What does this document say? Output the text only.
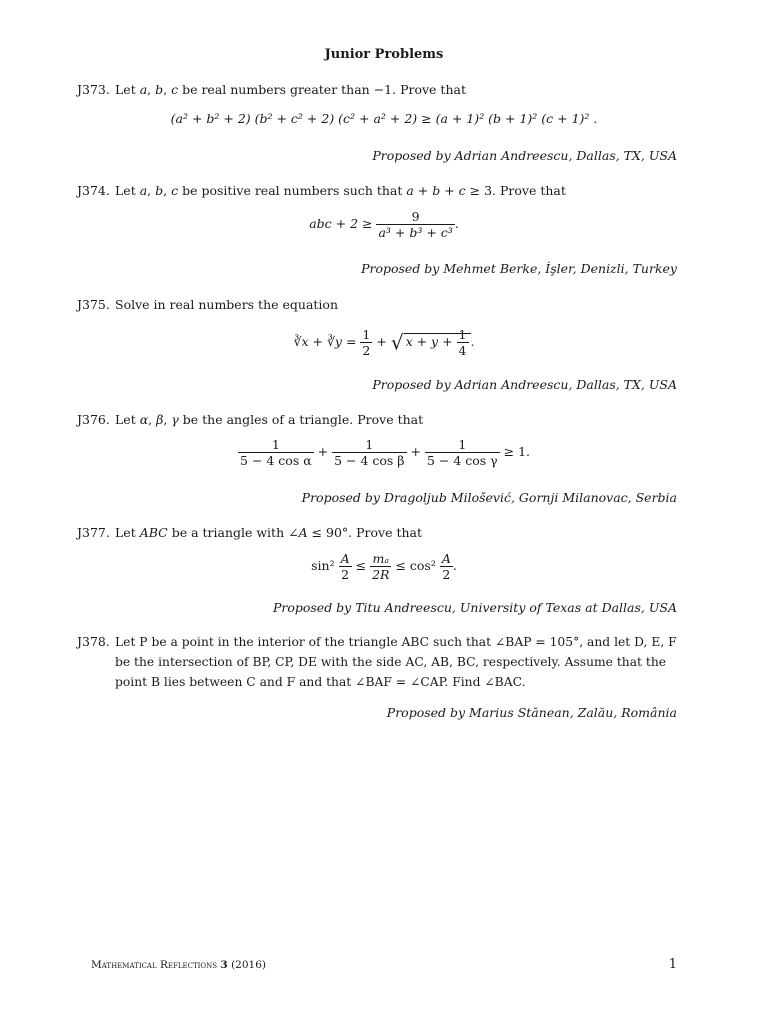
Junior Problems
J373. Let a, b, c be real numbers greater than −1. Prove that
(a² + b² + 2) (b² + c² + 2) (c² + a² + 2) ≥ (a + 1)² (b + 1)² (c + 1)² .
Proposed by Adrian Andreescu, Dallas, TX, USA
J374. Let a, b, c be positive real numbers such that a + b + c ≥ 3. Prove that
abc + $2 \ge \frac{9}{\text{a³ + b³ + c³}}$ .
Proposed by Mehmet Berke, İşler, Denizli, Turkey
J375. Solve in real numbers the equation
∛x + ∛y = $\frac{1}{2}$ + √ $x + y + \frac{1}{4}$ .
Proposed by Adrian Andreescu, Dallas, TX, USA
J376. Let α, β, γ be the angles of a triangle. Prove that
$\frac{1}{\text{5 − 4 cos α}} + \frac{1}{\text{5 − 4 cos β}} + \frac{1}{\text{5 − 4 cos γ}} \ge 1$.
Proposed by Dragoljub Milošević, Gornji Milanovac, Serbia
J377. Let ABC be a triangle with ∠A ≤ 90°. Prove that
$\sin^2 \frac{A}{2} \le \frac{\text{mₐ}}{2R} \le \cos^2 \frac{A}{2}$ .
Proposed by Titu Andreescu, University of Texas at Dallas, USA
J378. Let P be a point in the interior of the triangle ABC such that ∠BAP = 105°, and let D, E, F be the intersection of BP, CP, DE with the side AC, AB, BC, respectively. Assume that the point B lies between C and F and that ∠BAF = ∠CAP. Find ∠BAC.
Proposed by Marius Stănean, Zalău, România
Mathematical Reflections 3 (2016)	1
